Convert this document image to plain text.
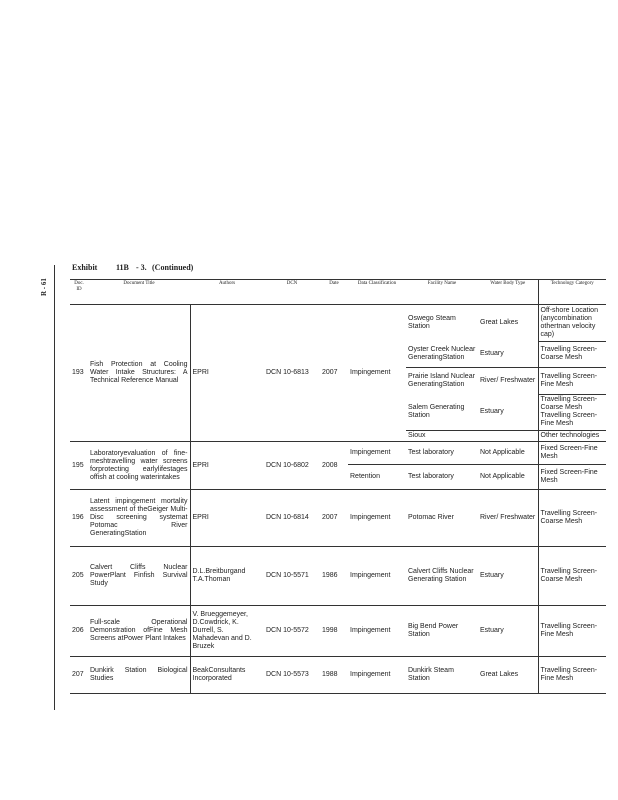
R - 61
Exhibit 11B - 3. (Continued)
Doc. ID	Document Title	Authors	DCN	Date	Data Classification	Facility Name	Water Body Type	Technology Category
193	Fish Protection at Cooling Water Intake Structures: A Technical Reference Manual	EPRI	DCN 10-6813	2007	Impingement	Oswego Steam Station	Great Lakes	Off-shore Location (anycombination othertnan velocity cap)
						Oyster Creek Nuclear GeneratingStation	Estuary	Travelling Screen-Coarse Mesh
						Prairie Island Nuclear GeneratingStation	River/ Freshwater	Travelling Screen-Fine Mesh
						Salem Generating Station	Estuary	Travelling Screen-Coarse Mesh Travelling Screen-Fine Mesh
						Sioux		Other technologies
195	Laboratoryevaluation of fine-meshtravelling water screens forprotecting earlylifestages offish at cooling waterintakes	EPRI	DCN 10-6802	2008	Impingement	Test laboratory	Not Applicable	Fixed Screen-Fine Mesh
					Retention	Test laboratory	Not Applicable	Fixed Screen-Fine Mesh
196	Latent impingement mortality assessment of theGeiger Multi-Disc screening systemat Potomac River GeneratingStation	EPRI	DCN 10-6814	2007	Impingement	Potomac River	River/ Freshwater	Travelling Screen-Coarse Mesh
205	Calvert Cliffs Nuclear PowerPlant Finfish Survival Study	D.L.Breitburgand T.A.Thoman	DCN 10-5571	1986	Impingement	Calvert Cliffs Nuclear Generating Station	Estuary	Travelling Screen-Coarse Mesh
206	Full-scale Operational Demonstration ofFine Mesh Screens atPower Plant Intakes	V. Brueggemeyer, D.Cowdrick, K. Durrell, S. Mahadevan and D. Bruzek	DCN 10-5572	1998	Impingement	Big Bend Power Station	Estuary	Travelling Screen-Fine Mesh
207	Dunkirk Station Biological Studies	BeakConsultants Incorporated	DCN 10-5573	1988	Impingement	Dunkirk Steam Station	Great Lakes	Travelling Screen-Fine Mesh
